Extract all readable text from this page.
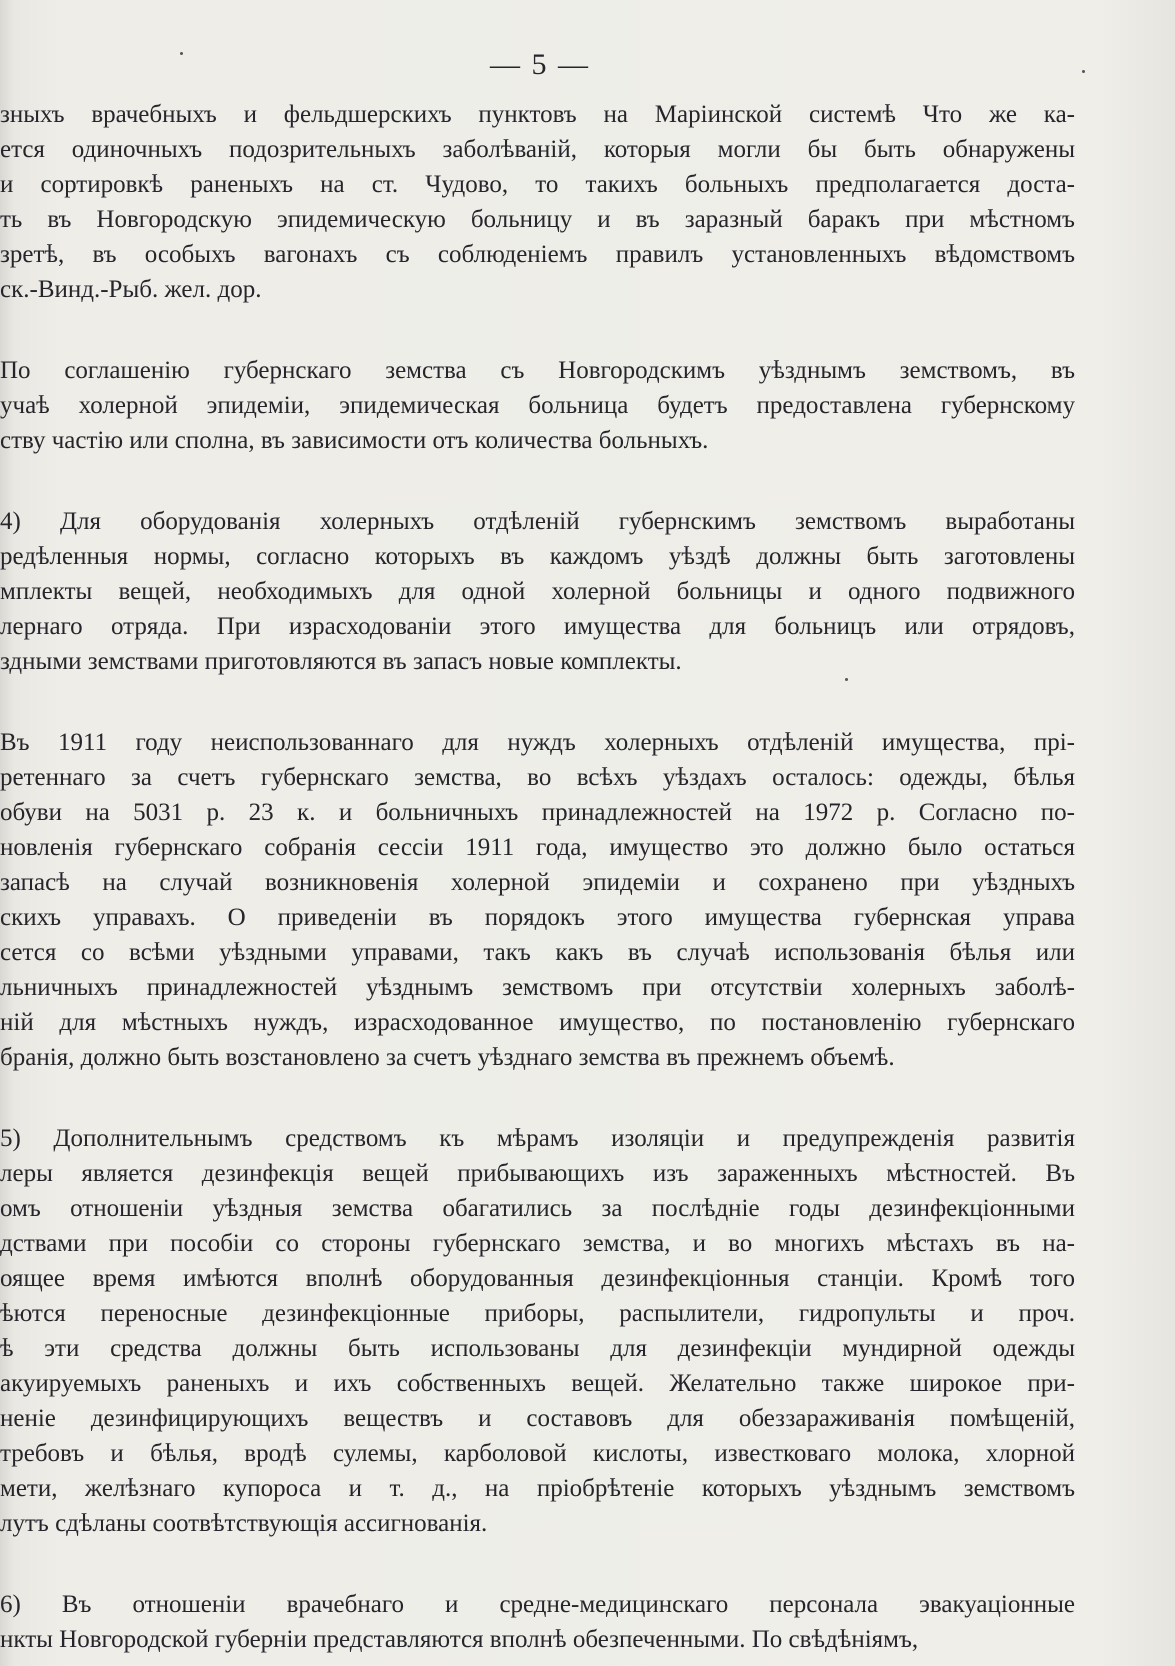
— 5 —
зныхъ врачебныхъ и фельдшерскихъ пунктовъ на Маріинской системѣ Что же ка-
ется одиночныхъ подозрительныхъ заболѣваній, которыя могли бы быть обнаружены
и сортировкѣ раненыхъ на ст. Чудово, то такихъ больныхъ предполагается доста-
ть въ Новгородскую эпидемическую больницу и въ заразный баракъ при мѣстномъ
зретѣ, въ особыхъ вагонахъ съ соблюденіемъ правилъ установленныхъ вѣдомствомъ
ск.-Винд.-Рыб. жел. дор.
По соглашенію губернскаго земства съ Новгородскимъ уѣзднымъ земствомъ, въ
учаѣ холерной эпидеміи, эпидемическая больница будетъ предоставлена губернскому
ству частію или сполна, въ зависимости отъ количества больныхъ.
4) Для оборудованія холерныхъ отдѣленій губернскимъ земствомъ выработаны
редѣленныя нормы, согласно которыхъ въ каждомъ уѣздѣ должны быть заготовлены
мплекты вещей, необходимыхъ для одной холерной больницы и одного подвижного
лернаго отряда. При израсходованіи этого имущества для больницъ или отрядовъ,
здными земствами приготовляются въ запасъ новые комплекты.
Въ 1911 году неиспользованнаго для нуждъ холерныхъ отдѣленій имущества, прі-
ретеннаго за счетъ губернскаго земства, во всѣхъ уѣздахъ осталось: одежды, бѣлья
обуви на 5031 р. 23 к. и больничныхъ принадлежностей на 1972 р. Согласно по-
новленія губернскаго собранія сессіи 1911 года, имущество это должно было остаться
запасѣ на случай возникновенія холерной эпидеміи и сохранено при уѣздныхъ
скихъ управахъ. О приведеніи въ порядокъ этого имущества губернская управа
сется со всѣми уѣздными управами, такъ какъ въ случаѣ использованія бѣлья или
льничныхъ принадлежностей уѣзднымъ земствомъ при отсутствіи холерныхъ заболѣ-
ній для мѣстныхъ нуждъ, израсходованное имущество, по постановленію губернскаго
бранія, должно быть возстановлено за счетъ уѣзднаго земства въ прежнемъ объемѣ.
5) Дополнительнымъ средствомъ къ мѣрамъ изоляціи и предупрежденія развитія
леры является дезинфекція вещей прибывающихъ изъ зараженныхъ мѣстностей. Въ
омъ отношеніи уѣздныя земства обагатились за послѣдніе годы дезинфекціонными
дствами при пособіи со стороны губернскаго земства, и во многихъ мѣстахъ въ на-
оящее время имѣются вполнѣ оборудованныя дезинфекціонныя станціи. Кромѣ того
ѣются переносные дезинфекціонные приборы, распылители, гидропульты и проч.
ѣ эти средства должны быть использованы для дезинфекціи мундирной одежды
акуируемыхъ раненыхъ и ихъ собственныхъ вещей. Желательно также широкое при-
неніе дезинфицирующихъ веществъ и составовъ для обеззараживанія помѣщеній,
требовъ и бѣлья, вродѣ сулемы, карболовой кислоты, известковаго молока, хлорной
мети, желѣзнаго купороса и т. д., на пріобрѣтеніе которыхъ уѣзднымъ земствомъ
лутъ сдѣланы соотвѣтствующія ассигнованія.
6) Въ отношеніи врачебнаго и средне-медицинскаго персонала эвакуаціонные
нкты Новгородской губерніи представляются вполнѣ обезпеченными. По свѣдѣніямъ,
